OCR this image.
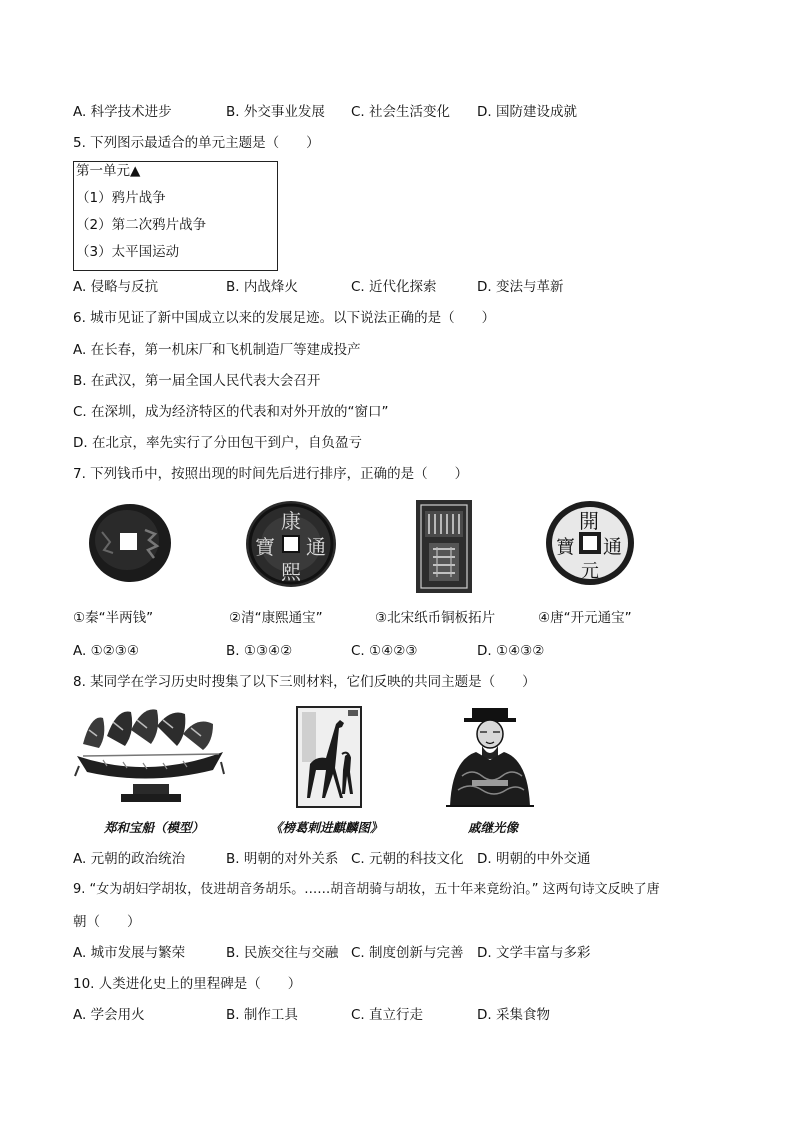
A. 科学技术进步	B. 外交事业发展 C. 社会生活变化 D. 国防建设成就
5. 下列图示最适合的单元主题是（　　）
第一单元▲
（1）鸦片战争
（2）第二次鸦片战争
（3）太平国运动
A. 侵略与反抗	B. 内战烽火	C. 近代化探索	D. 变法与革新
6. 城市见证了新中国成立以来的发展足迹。以下说法正确的是（　　）
A. 在长春，第一机床厂和飞机制造厂等建成投产
B. 在武汉，第一届全国人民代表大会召开
C. 在深圳，成为经济特区的代表和对外开放的“窗口”
D. 在北京，率先实行了分田包干到户，自负盈亏
7. 下列钱币中，按照出现的时间先后进行排序，正确的是（　　）
康
熙
通
寶
開
元
通
寶
①秦“半两钱”	②清“康熙通宝”	③北宋纸币铜板拓片	④唐“开元通宝”
A. ①②③④	B. ①③④②	C. ①④②③	D. ①④③②
8. 某同学在学习历史时搜集了以下三则材料，它们反映的共同主题是（　　）
郑和宝船（模型）	《榜葛剌进麒麟图》	戚继光像
A. 元朝的政治统治	B. 明朝的对外关系 C. 元朝的科技文化 D. 明朝的中外交通
9. “女为胡妇学胡妆，伎进胡音务胡乐。……胡音胡骑与胡妆，五十年来竟纷泊。” 这两句诗文反映了唐
朝（　　）
A. 城市发展与繁荣	B. 民族交往与交融 C. 制度创新与完善 D. 文学丰富与多彩
10. 人类进化史上的里程碑是（　　）
A. 学会用火	B. 制作工具	C. 直立行走	D. 采集食物
